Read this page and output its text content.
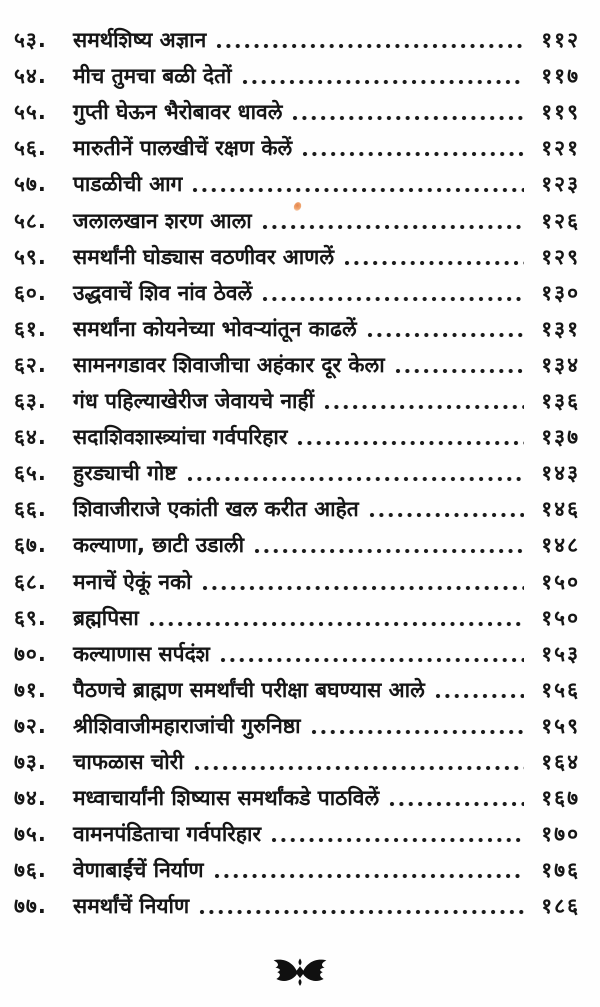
५३.	समर्थशिष्य अज्ञान	११२
५४.	मीच तुमचा बळी देतों	११७
५५.	गुप्ती घेऊन भैरोबावर धावले	११९
५६.	मारुतीनें पालखीचें रक्षण केलें	१२१
५७.	पाडळीची आग	१२३
५८.	जलालखान शरण आला	१२६
५९.	समर्थांनी घोड्यास वठणीवर आणलें	१२९
६०.	उद्धवाचें शिव नांव ठेवलें	१३०
६१.	समर्थांना कोयनेच्या भोवऱ्यांतून काढलें	१३१
६२.	सामनगडावर शिवाजीचा अहंकार दूर केला	१३४
६३.	गंध पहिल्याखेरीज जेवायचे नाहीं	१३६
६४.	सदाशिवशास्त्र्यांचा गर्वपरिहार	१३७
६५.	हुरड्याची गोष्ट	१४३
६६.	शिवाजीराजे एकांती खल करीत आहेत	१४६
६७.	कल्याणा, छाटी उडाली	१४८
६८.	मनाचें ऐकूं नको	१५०
६९.	ब्रह्मपिसा	१५०
७०.	कल्याणास सर्पदंश	१५३
७१.	पैठणचे ब्राह्मण समर्थांची परीक्षा बघण्यास आले	१५६
७२.	श्रीशिवाजीमहाराजांची गुरुनिष्ठा	१५९
७३.	चाफळास चोरी	१६४
७४.	मध्वाचार्यांनी शिष्यास समर्थांकडे पाठविलें	१६७
७५.	वामनपंडिताचा गर्वपरिहार	१७०
७६.	वेणाबाईंचें निर्याण	१७६
७७.	समर्थांचें निर्याण	१८६
